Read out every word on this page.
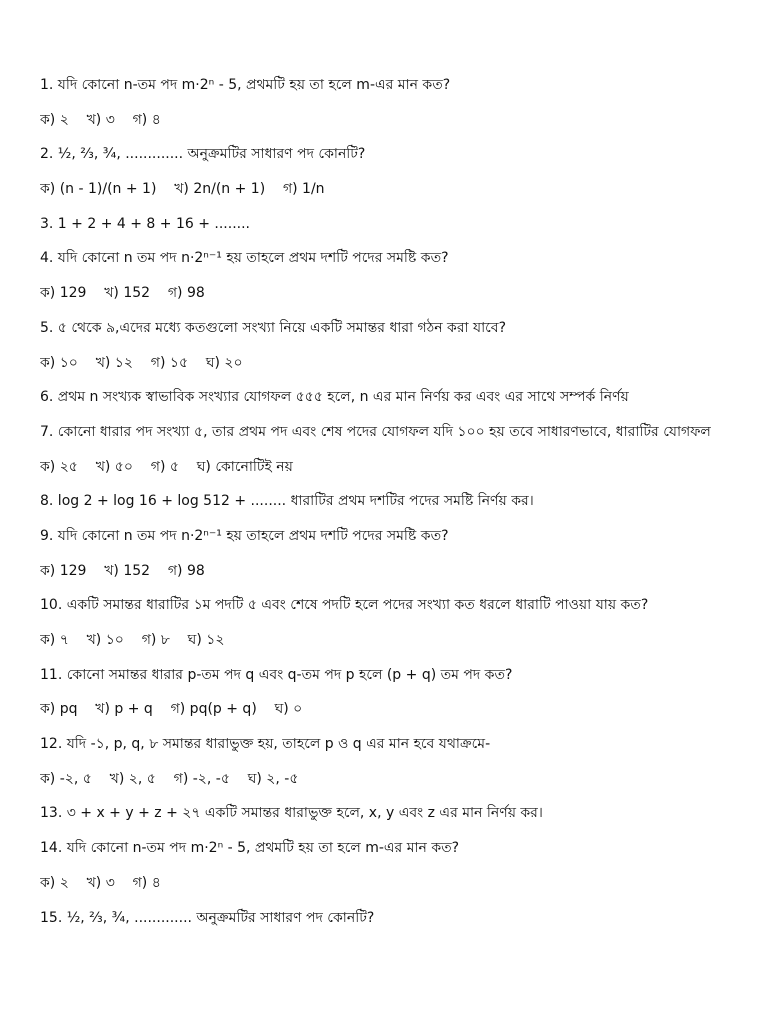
1. যদি কোনো n-তম পদ m·2ⁿ - 5, প্রথমটি হয় তা হলে m-এর মান কত?
ক) ২    খ) ৩    গ) ৪
2. ½, ⅔, ¾, ............. অনুক্রমটির সাধারণ পদ কোনটি?
ক) (n - 1)/(n + 1)    খ) 2n/(n + 1)    গ) 1/n
3. 1 + 2 + 4 + 8 + 16 + ........
4. যদি কোনো n তম পদ n·2ⁿ⁻¹ হয় তাহলে প্রথম দশটি পদের সমষ্টি কত?
ক) 129    খ) 152    গ) 98
5. ৫ থেকে ৯,এদের মধ্যে কতগুলো সংখ্যা নিয়ে একটি সমান্তর ধারা গঠন করা যাবে?
ক) ১০    খ) ১২    গ) ১৫    ঘ) ২০
6. প্রথম n সংখ্যক স্বাভাবিক সংখ্যার যোগফল ৫৫৫ হলে, n এর মান নির্ণয় কর এবং এর সাথে সম্পর্ক নির্ণয়
7. কোনো ধারার পদ সংখ্যা ৫, তার প্রথম পদ এবং শেষ পদের যোগফল যদি ১০০ হয় তবে সাধারণভাবে, ধারাটির যোগফল
ক) ২৫    খ) ৫০    গ) ৫    ঘ) কোনোটিই নয়
8. log 2 + log 16 + log 512 + ........ ধারাটির প্রথম দশটির পদের সমষ্টি নির্ণয় কর।
9. যদি কোনো n তম পদ n·2ⁿ⁻¹ হয় তাহলে প্রথম দশটি পদের সমষ্টি কত?
ক) 129    খ) 152    গ) 98
10. একটি সমান্তর ধারাটির ১ম পদটি ৫ এবং শেষে পদটি হলে পদের সংখ্যা কত ধরলে ধারাটি পাওয়া যায় কত?
ক) ৭    খ) ১০    গ) ৮    ঘ) ১২
11. কোনো সমান্তর ধারার p-তম পদ q এবং q-তম পদ p হলে (p + q) তম পদ কত?
ক) pq    খ) p + q    গ) pq(p + q)    ঘ) ০
12. যদি -১, p, q, ৮ সমান্তর ধারাভুক্ত হয়, তাহলে p ও q এর মান হবে যথাক্রমে-
ক) -২, ৫    খ) ২, ৫    গ) -২, -৫    ঘ) ২, -৫
13. ৩ + x + y + z + ২৭ একটি সমান্তর ধারাভুক্ত হলে, x, y এবং z এর মান নির্ণয় কর।
14. যদি কোনো n-তম পদ m·2ⁿ - 5, প্রথমটি হয় তা হলে m-এর মান কত?
ক) ২    খ) ৩    গ) ৪
15. ½, ⅔, ¾, ............. অনুক্রমটির সাধারণ পদ কোনটি?
